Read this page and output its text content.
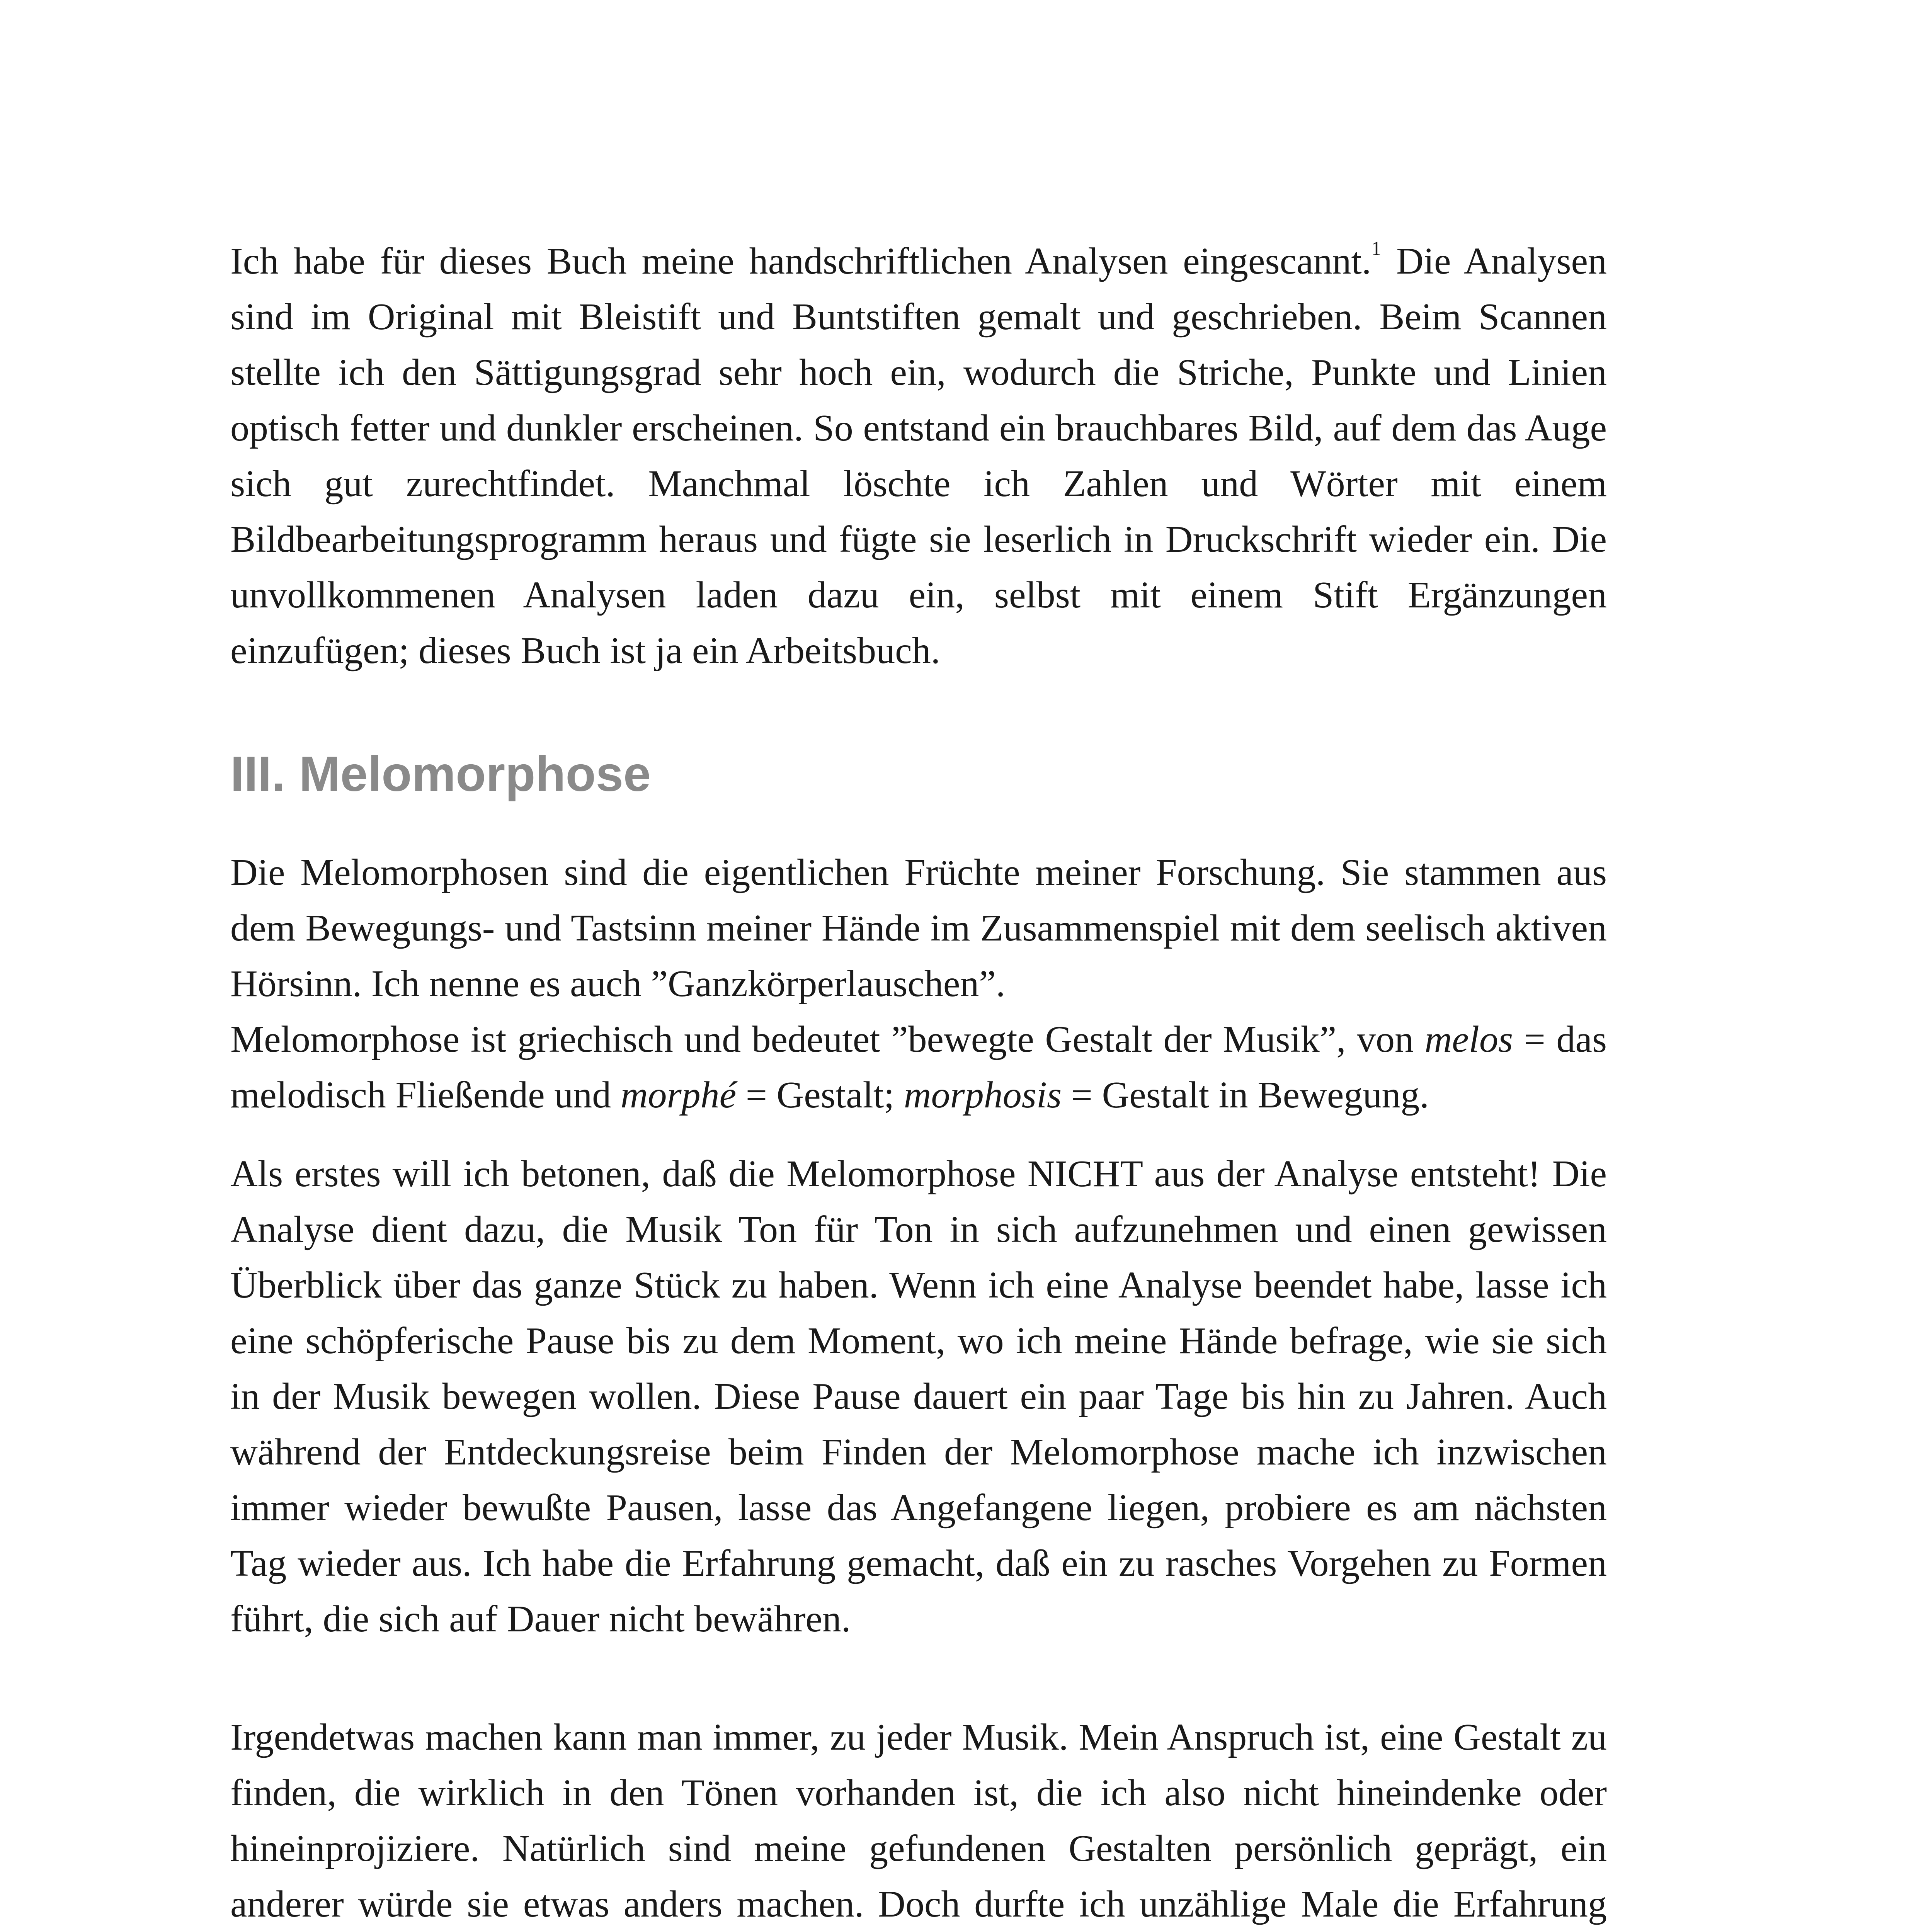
Ich habe für dieses Buch meine handschriftlichen Analysen eingescannt.$^1$ Die Analysen sind im Original mit Bleistift und Buntstiften gemalt und geschrieben. Beim Scannen stellte ich den Sättigungsgrad sehr hoch ein, wodurch die Striche, Punkte und Linien optisch fetter und dunkler erscheinen. So entstand ein brauchbares Bild, auf dem das Auge sich gut zurechtfindet. Manchmal löschte ich Zahlen und Wörter mit einem Bildbearbeitungsprogramm heraus und fügte sie leserlich in Druckschrift wieder ein. Die unvollkommenen Analysen laden dazu ein, selbst mit einem Stift Ergänzungen einzufügen; dieses Buch ist ja ein Arbeitsbuch.

III. Melomorphose

Die Melomorphosen sind die eigentlichen Früchte meiner Forschung. Sie stammen aus dem Bewegungs- und Tastsinn meiner Hände im Zusammenspiel mit dem seelisch aktiven Hörsinn. Ich nenne es auch ”Ganzkörperlauschen”.

Melomorphose ist griechisch und bedeutet ”bewegte Gestalt der Musik”, von melos = das melodisch Fließende und morphé = Gestalt; morphosis = Gestalt in Bewegung.

Als erstes will ich betonen, daß die Melomorphose NICHT aus der Analyse entsteht! Die Analyse dient dazu, die Musik Ton für Ton in sich aufzunehmen und einen gewissen Überblick über das ganze Stück zu haben. Wenn ich eine Analyse beendet habe, lasse ich eine schöpferische Pause bis zu dem Moment, wo ich meine Hände befrage, wie sie sich in der Musik bewegen wollen. Diese Pause dauert ein paar Tage bis hin zu Jahren. Auch während der Entdeckungsreise beim Finden der Melomorphose mache ich inzwischen immer wieder bewußte Pausen, lasse das Angefangene liegen, probiere es am nächsten Tag wieder aus. Ich habe die Erfahrung gemacht, daß ein zu rasches Vorgehen zu Formen führt, die sich auf Dauer nicht bewähren.

Irgendetwas machen kann man immer, zu jeder Musik. Mein Anspruch ist, eine Gestalt zu finden, die wirklich in den Tönen vorhanden ist, die ich also nicht hineindenke oder hineinprojiziere. Natürlich sind meine gefundenen Gestalten persönlich geprägt, ein anderer würde sie etwas anders machen. Doch durfte ich unzählige Male die Erfahrung
